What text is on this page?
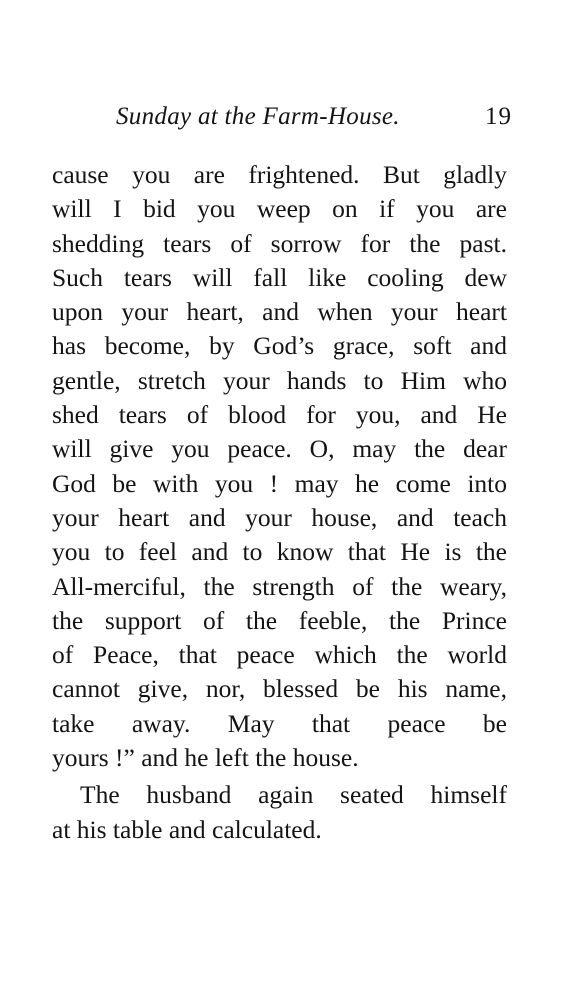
Sunday at the Farm-House.	19
cause you are frightened. But gladly
will I bid you weep on if you are
shedding tears of sorrow for the past.
Such tears will fall like cooling dew
upon your heart, and when your heart
has become, by God’s grace, soft and
gentle, stretch your hands to Him who
shed tears of blood for you, and He
will give you peace. O, may the dear
God be with you ! may he come into
your heart and your house, and teach
you to feel and to know that He is the
All-merciful, the strength of the weary,
the support of the feeble, the Prince
of Peace, that peace which the world
cannot give, nor, blessed be his name,
take away. May that peace be
yours !” and he left the house.
The husband again seated himself
at his table and calculated.
